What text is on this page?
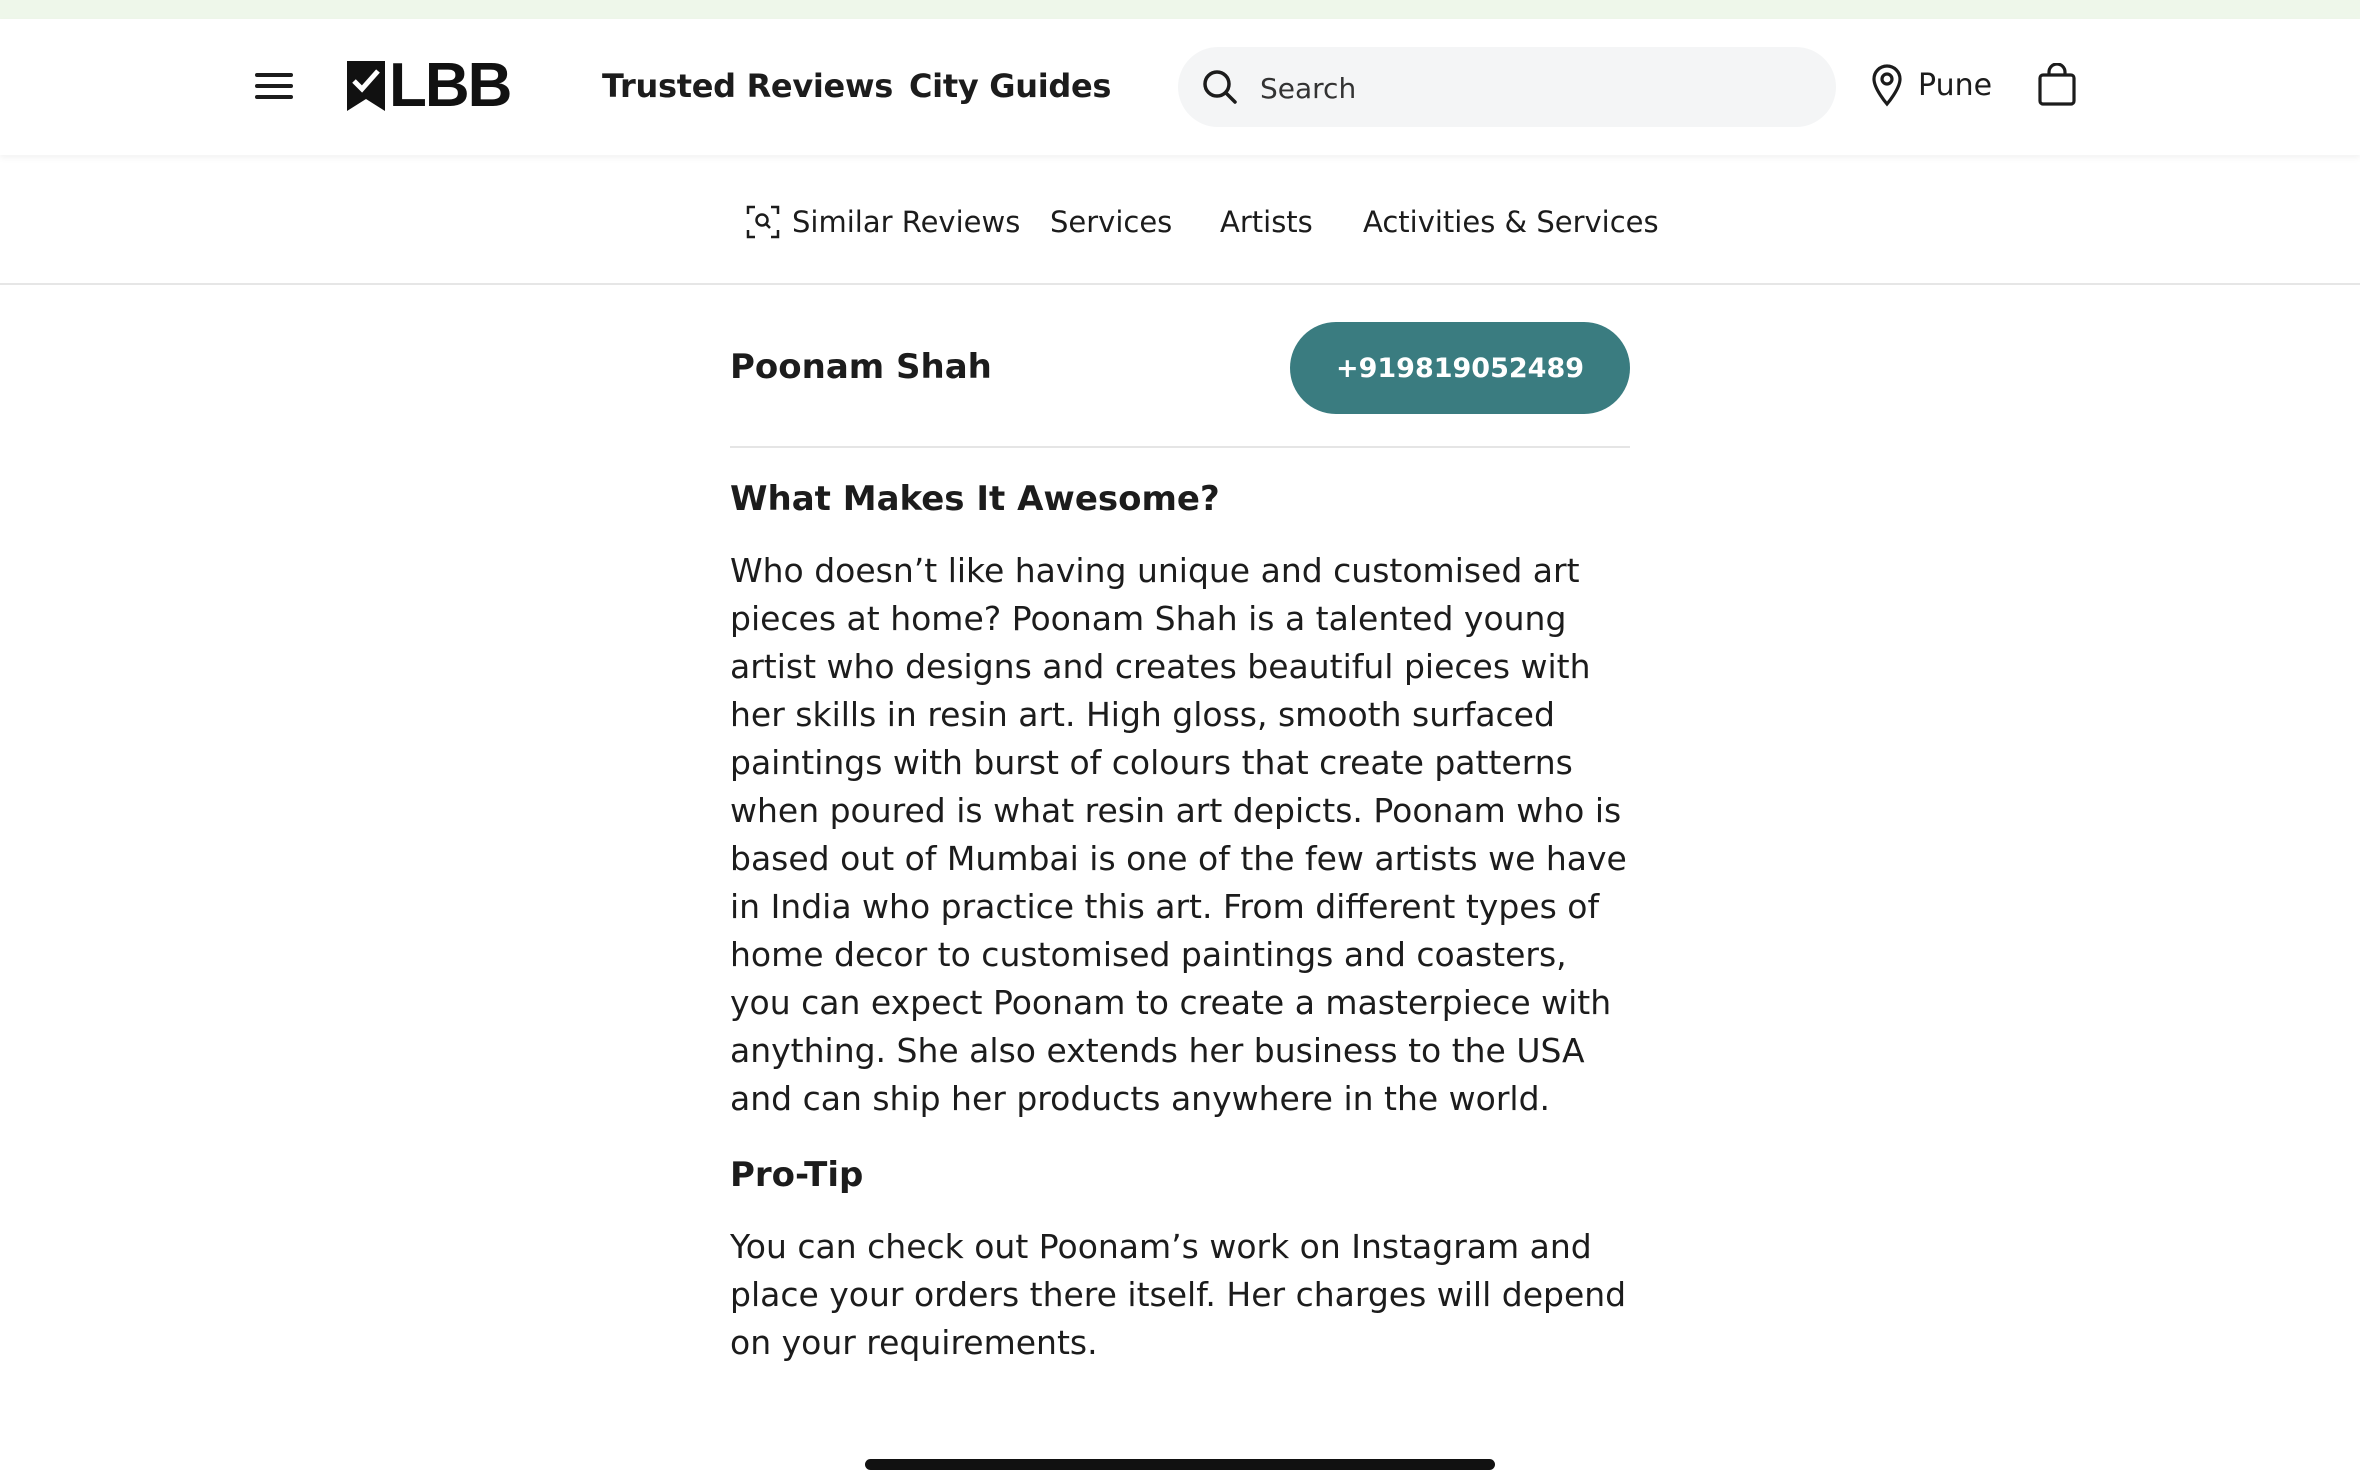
LBB	Trusted Reviews City Guides
Search	Pune
Similar Reviews Services Artists Activities & Services
Poonam Shah	+919819052489
What Makes It Awesome?

Who doesn’t like having unique and customised art pieces at home? Poonam Shah is a talented young artist who designs and creates beautiful pieces with her skills in resin art. High gloss, smooth surfaced paintings with burst of colours that create patterns when poured is what resin art depicts. Poonam who is based out of Mumbai is one of the few artists we have in India who practice this art. From different types of home decor to customised paintings and coasters, you can expect Poonam to create a masterpiece with anything. She also extends her business to the USA and can ship her products anywhere in the world.

Pro-Tip

You can check out Poonam’s work on Instagram and place your orders there itself. Her charges will depend on your requirements.
